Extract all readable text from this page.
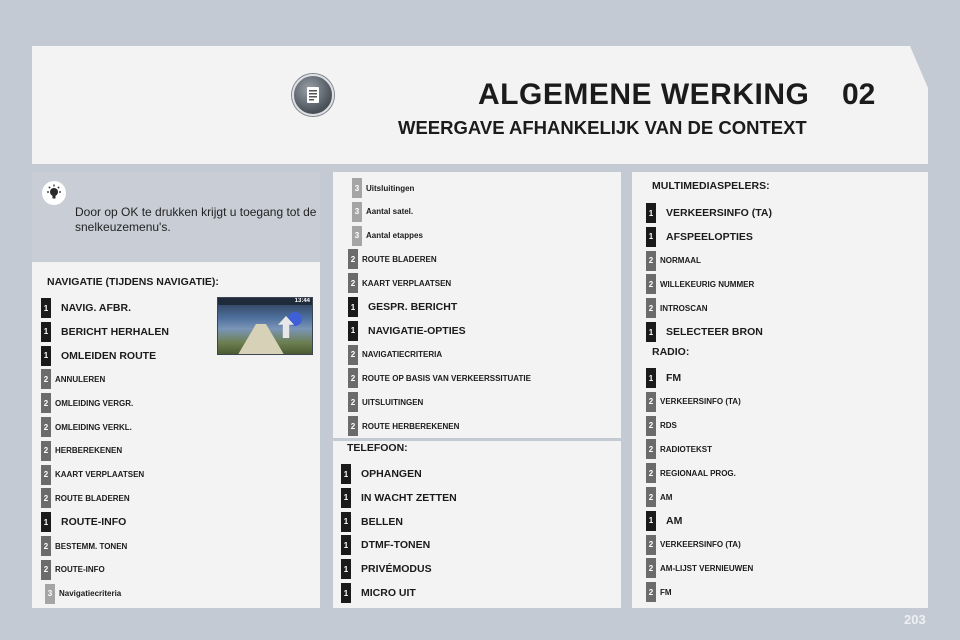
ALGEMENE WERKING 02
WEERGAVE AFHANKELIJK VAN DE CONTEXT
Door op OK te drukken krijgt u toegang tot de snelkeuzemenu's.
NAVIGATIE (TIJDENS NAVIGATIE):
13:44
1 NAVIG. AFBR.
1 BERICHT HERHALEN
1 OMLEIDEN ROUTE
2 ANNULEREN
2 OMLEIDING VERGR.
2 OMLEIDING VERKL.
2 HERBEREKENEN
2 KAART VERPLAATSEN
2 ROUTE BLADEREN
1 ROUTE-INFO
2 BESTEMM. TONEN
2 ROUTE-INFO
3 Navigatiecriteria
3 Uitsluitingen
3 Aantal satel.
3 Aantal etappes
2 ROUTE BLADEREN
2 KAART VERPLAATSEN
1 GESPR. BERICHT
1 NAVIGATIE-OPTIES
2 NAVIGATIECRITERIA
2 ROUTE OP BASIS VAN VERKEERSSITUATIE
2 UITSLUITINGEN
2 ROUTE HERBEREKENEN
TELEFOON:
1 OPHANGEN
1 IN WACHT ZETTEN
1 BELLEN
1 DTMF-TONEN
1 PRIVÉMODUS
1 MICRO UIT
MULTIMEDIASPELERS:
1 VERKEERSINFO (TA)
1 AFSPEELOPTIES
2 NORMAAL
2 WILLEKEURIG NUMMER
2 INTROSCAN
1 SELECTEER BRON
RADIO:
1 FM
2 VERKEERSINFO (TA)
2 RDS
2 RADIOTEKST
2 REGIONAAL PROG.
2 AM
1 AM
2 VERKEERSINFO (TA)
2 AM-LIJST VERNIEUWEN
2 FM
203
